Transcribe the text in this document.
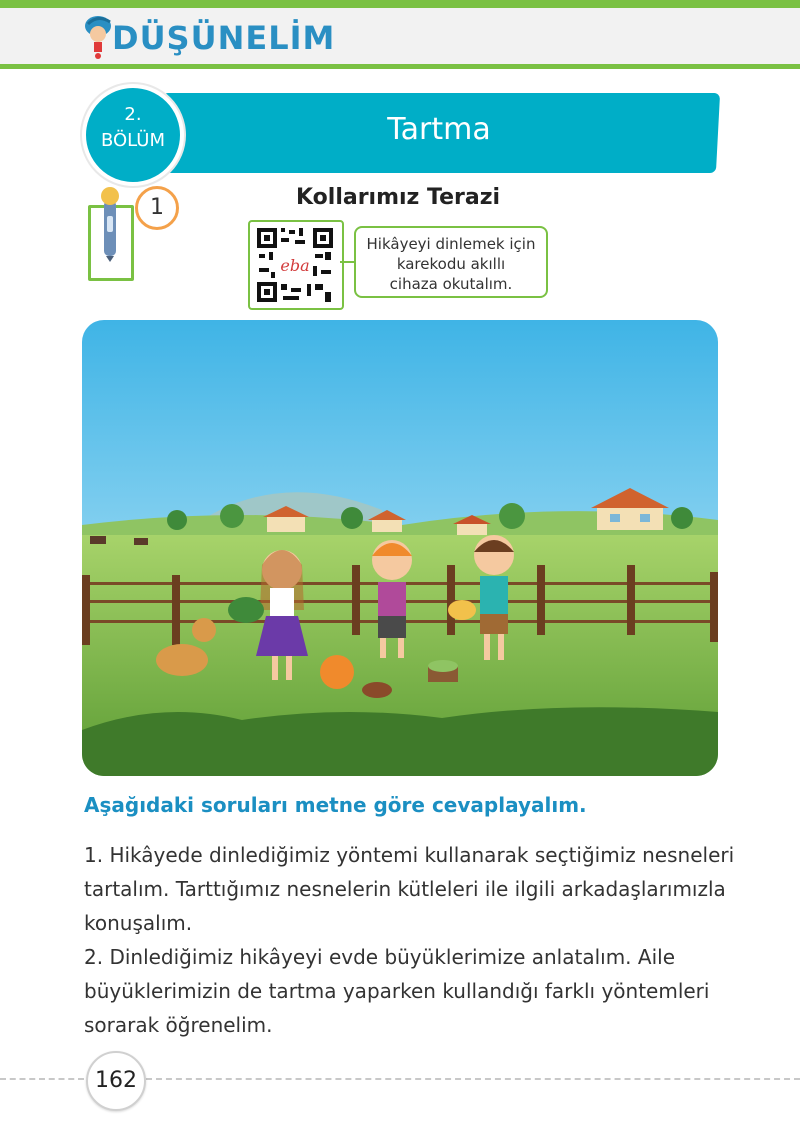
DÜŞÜNELİM
Tartma
2.
BÖLÜM
1	Kollarımız Terazi
eba
Hikâyeyi dinlemek için
karekodu akıllı
cihaza okutalım.
Aşağıdaki soruları metne göre cevaplayalım.
1. Hikâyede dinlediğimiz yöntemi kullanarak seçtiğimiz nesneleri tartalım. Tarttığımız nesnelerin kütleleri ile ilgili arkadaşlarımızla konuşalım.
2. Dinlediğimiz hikâyeyi evde büyüklerimize anlatalım. Aile büyüklerimizin de tartma yaparken kullandığı farklı yöntemleri sorarak öğrenelim.
162
